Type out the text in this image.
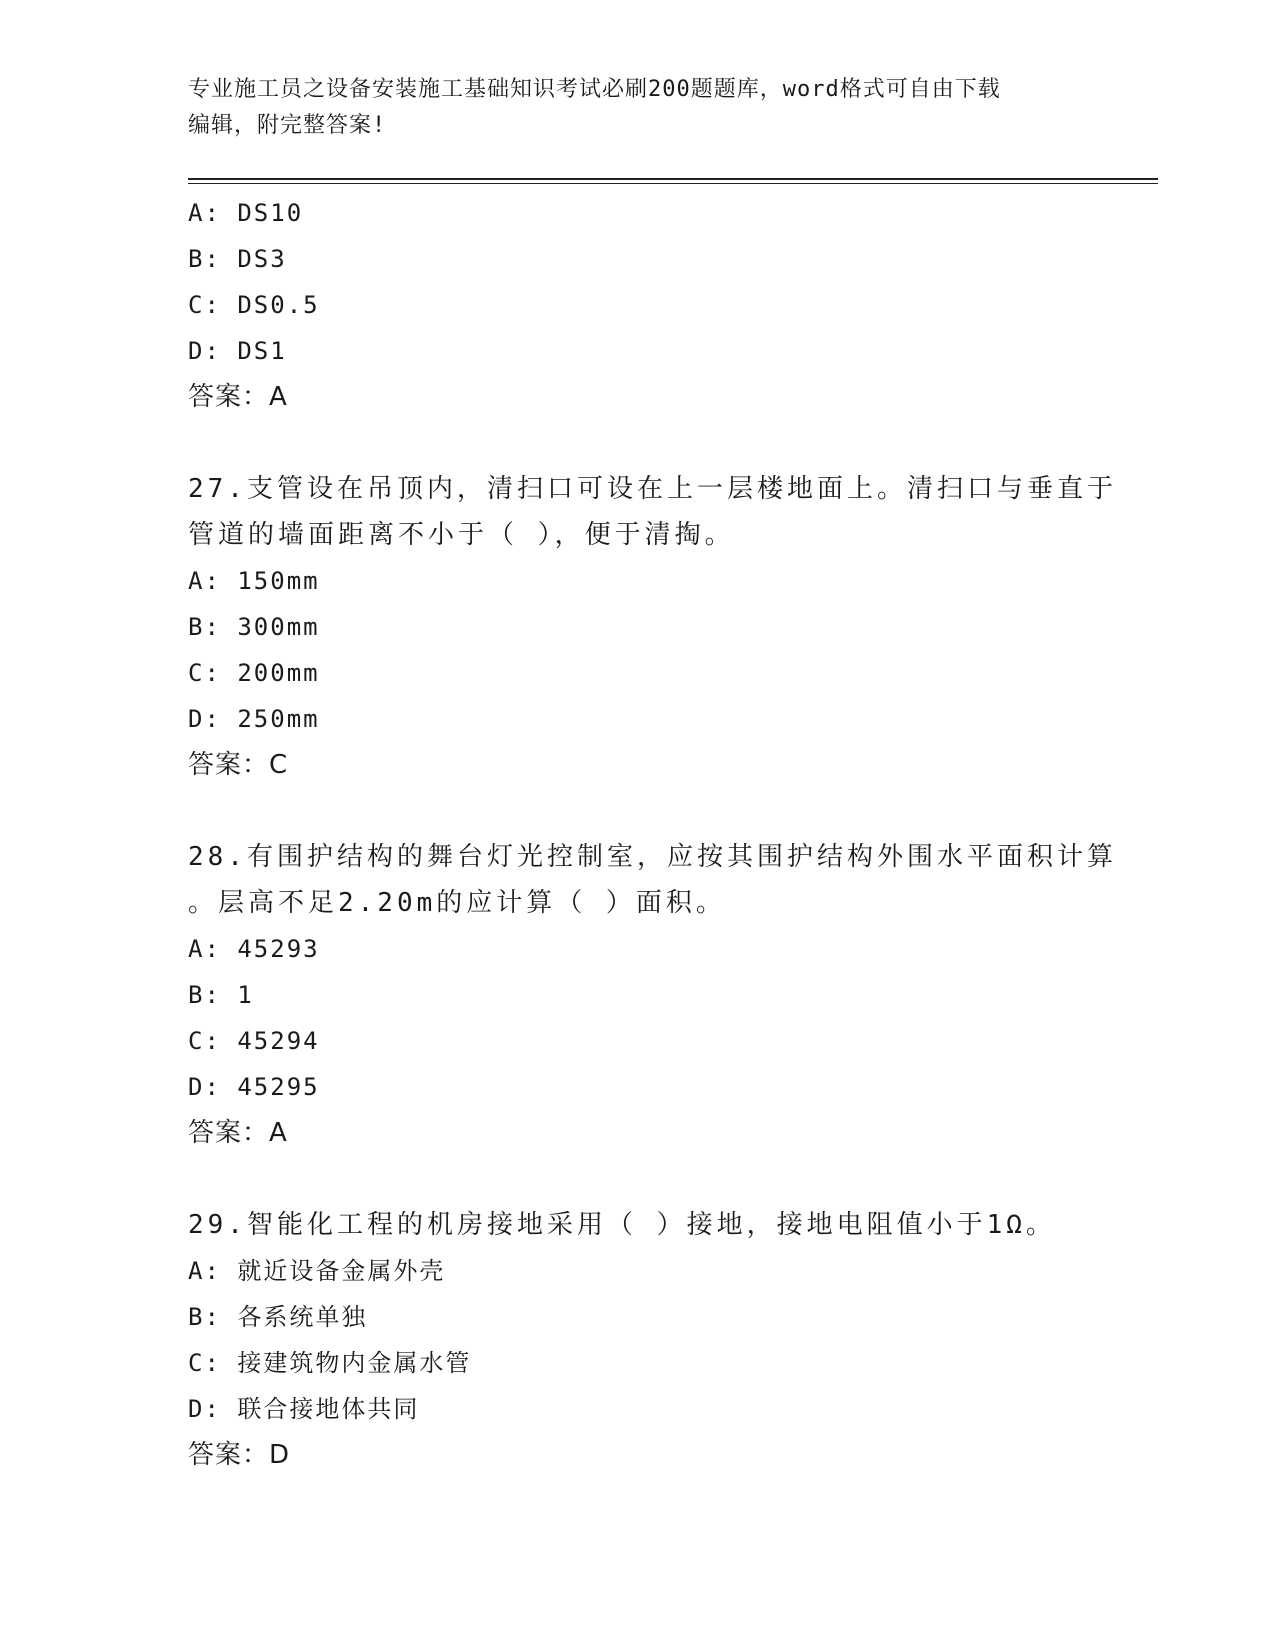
专业施工员之设备安装施工基础知识考试必刷200题题库，word格式可自由下载
编辑，附完整答案!
A: DS10
B: DS3
C: DS0.5
D: DS1
答案：A
27.支管设在吊顶内，清扫口可设在上一层楼地面上。清扫口与垂直于
管道的墙面距离不小于（ ），便于清掏。
A: 150mm
B: 300mm
C: 200mm
D: 250mm
答案：C
28.有围护结构的舞台灯光控制室，应按其围护结构外围水平面积计算
。层高不足2.20m的应计算（ ）面积。
A: 45293
B: 1
C: 45294
D: 45295
答案：A
29.智能化工程的机房接地采用（ ）接地，接地电阻值小于1Ω。
A: 就近设备金属外壳
B: 各系统单独
C: 接建筑物内金属水管
D: 联合接地体共同
答案：D
